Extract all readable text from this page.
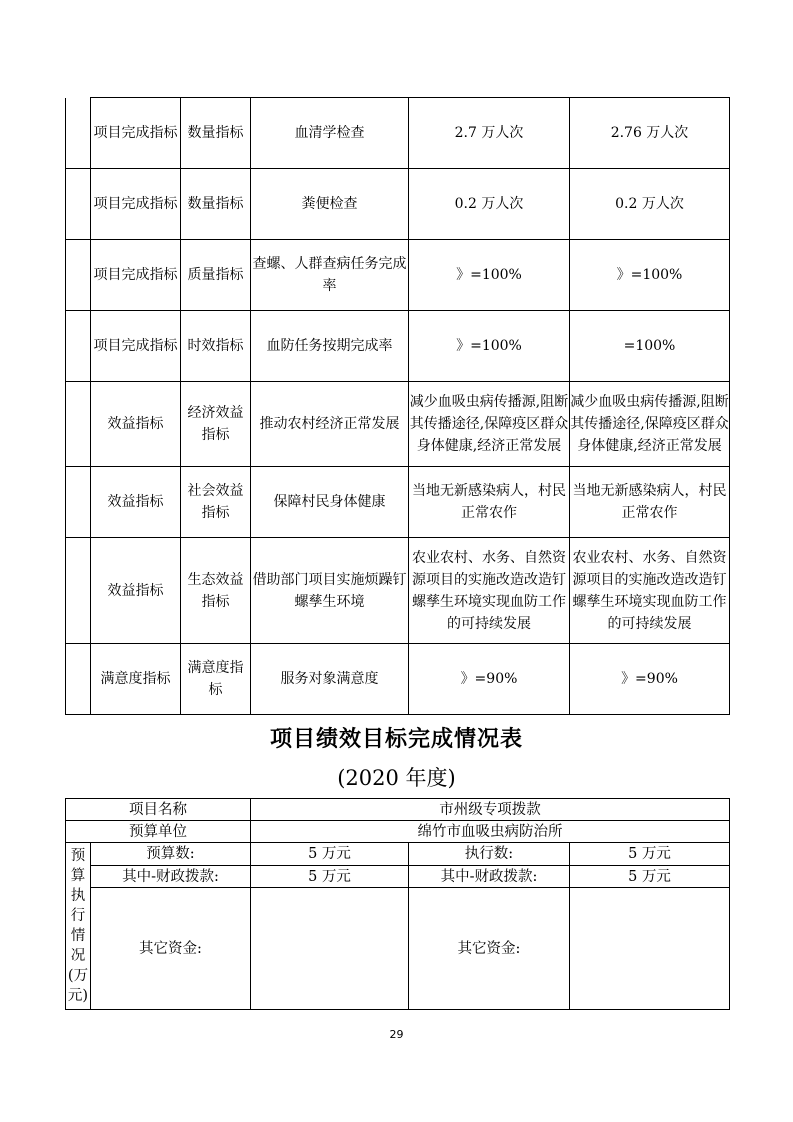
	项目完成指标	数量指标	血清学检查	2.7 万人次	2.76 万人次
	项目完成指标	数量指标	粪便检查	0.2 万人次	0.2 万人次
	项目完成指标	质量指标	查螺、人群查病任务完成率	》=100%	》=100%
	项目完成指标	时效指标	血防任务按期完成率	》=100%	=100%
	效益指标	经济效益指标	推动农村经济正常发展	减少血吸虫病传播源,阻断其传播途径,保障疫区群众身体健康,经济正常发展	减少血吸虫病传播源,阻断其传播途径,保障疫区群众身体健康,经济正常发展
	效益指标	社会效益指标	保障村民身体健康	当地无新感染病人，村民正常农作	当地无新感染病人，村民正常农作
	效益指标	生态效益指标	借助部门项目实施烦躁钉螺孳生环境	农业农村、水务、自然资源项目的实施改造改造钉螺孳生环境实现血防工作的可持续发展	农业农村、水务、自然资源项目的实施改造改造钉螺孳生环境实现血防工作的可持续发展
	满意度指标	满意度指标	服务对象满意度	》=90%	》=90%
项目绩效目标完成情况表
(2020 年度)
项目名称		市州级专项拨款		
预算单位		绵竹市血吸虫病防治所		
预算执行情况(万元)	预算数:	5 万元	执行数:	5 万元
	其中-财政拨款:	5 万元	其中-财政拨款:	5 万元
	其它资金:		其它资金:	
29
